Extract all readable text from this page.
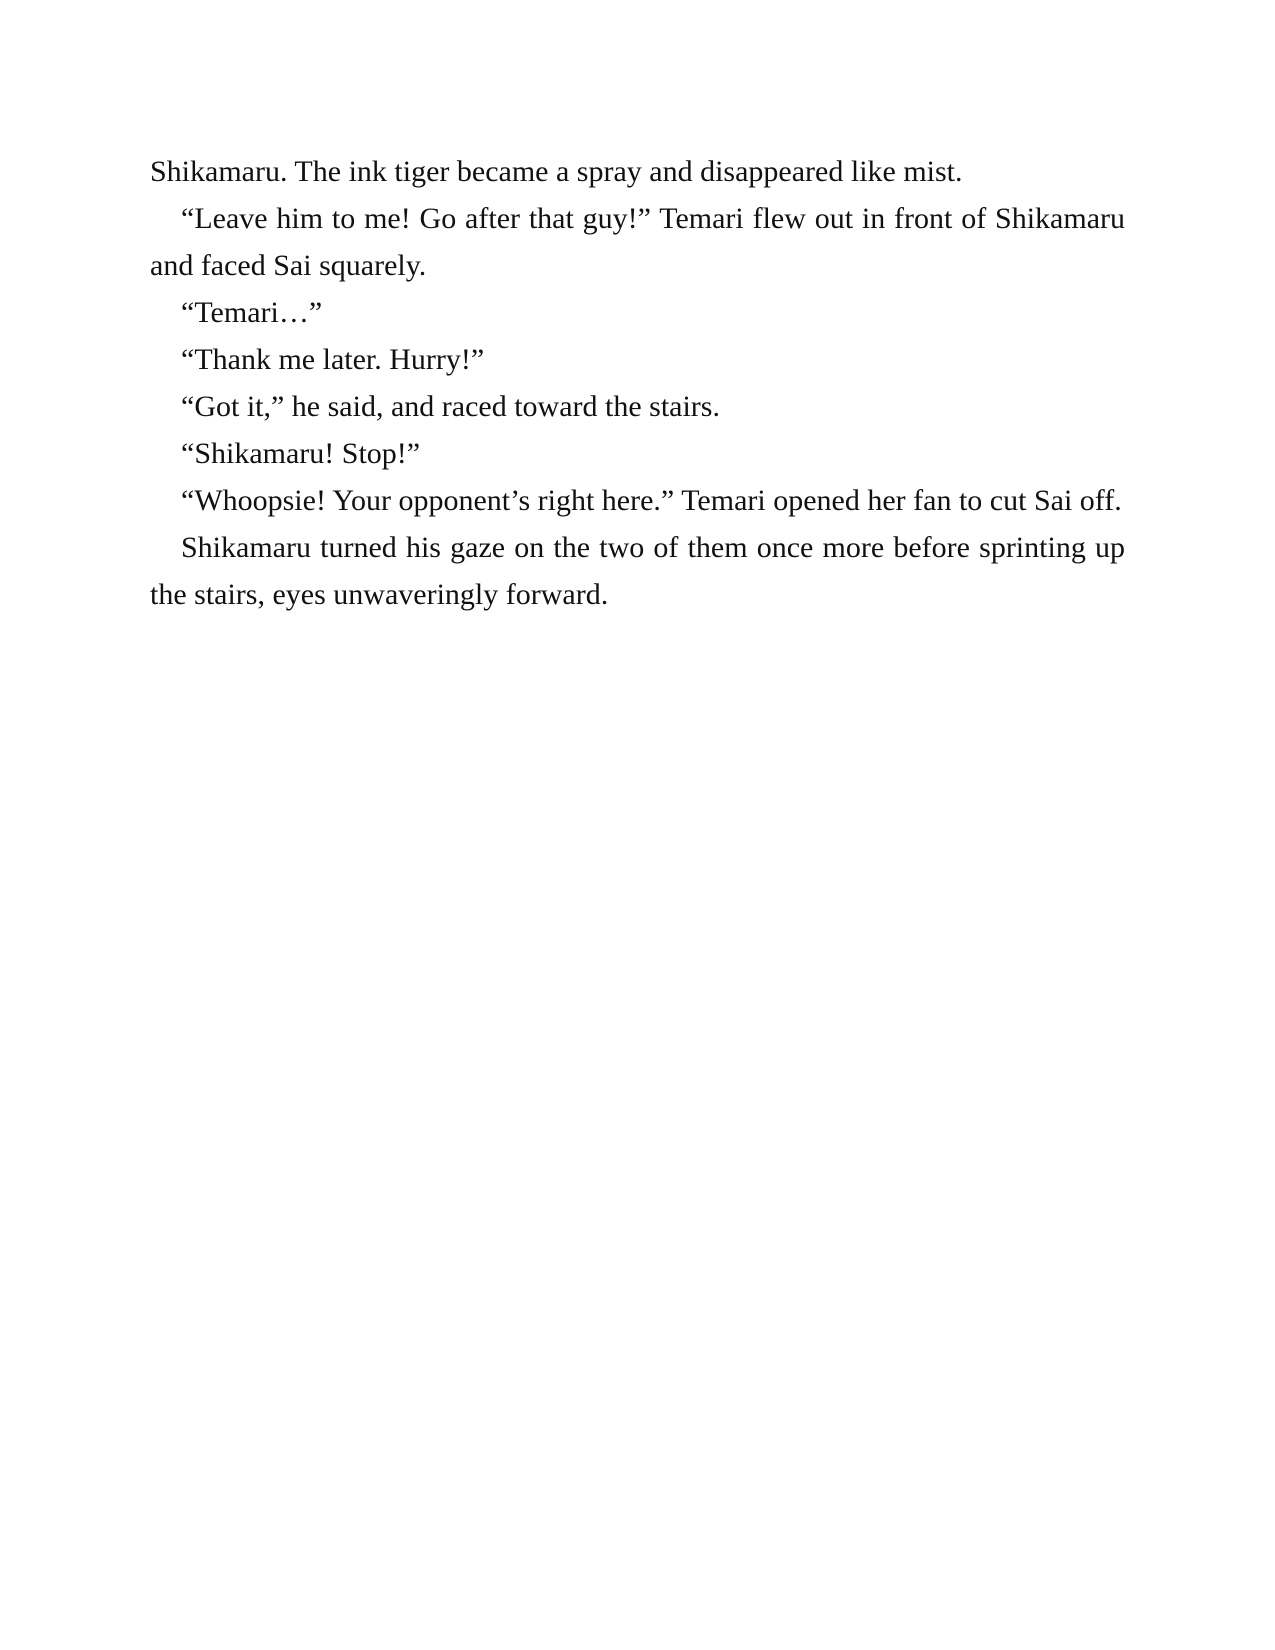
Shikamaru. The ink tiger became a spray and disappeared like mist.

“Leave him to me! Go after that guy!” Temari flew out in front of Shikamaru and faced Sai squarely.

“Temari…”

“Thank me later. Hurry!”

“Got it,” he said, and raced toward the stairs.

“Shikamaru! Stop!”

“Whoopsie! Your opponent’s right here.” Temari opened her fan to cut Sai off.

Shikamaru turned his gaze on the two of them once more before sprinting up the stairs, eyes unwaveringly forward.
